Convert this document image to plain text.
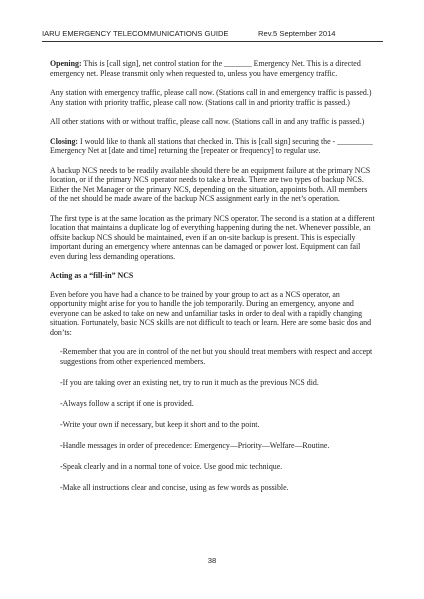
IARU EMERGENCY TELECOMMUNICATIONS GUIDE	Rev.5 September 2014

Opening: This is [call sign], net control station for the _______ Emergency Net. This is a directed emergency net. Please transmit only when requested to, unless you have emergency traffic.

Any station with emergency traffic, please call now. (Stations call in and emergency traffic is passed.) Any station with priority traffic, please call now. (Stations call in and priority traffic is passed.)

All other stations with or without traffic, please call now. (Stations call in and any traffic is passed.)

Closing: I would like to thank all stations that checked in. This is [call sign] securing the - _________ Emergency Net at [date and time] returning the [repeater or frequency] to regular use.

A backup NCS needs to be readily available should there be an equipment failure at the primary NCS location, or if the primary NCS operator needs to take a break. There are two types of backup NCS. Either the Net Manager or the primary NCS, depending on the situation, appoints both. All members of the net should be made aware of the backup NCS assignment early in the net’s operation.

The first type is at the same location as the primary NCS operator. The second is a station at a different location that maintains a duplicate log of everything happening during the net. Whenever possible, an offsite backup NCS should be maintained, even if an on-site backup is present. This is especially important during an emergency where antennas can be damaged or power lost. Equipment can fail even during less demanding operations.

Acting as a “fill-in” NCS

Even before you have had a chance to be trained by your group to act as a NCS operator, an opportunity might arise for you to handle the job temporarily. During an emergency, anyone and everyone can be asked to take on new and unfamiliar tasks in order to deal with a rapidly changing situation. Fortunately, basic NCS skills are not difficult to teach or learn. Here are some basic dos and don’ts:

-Remember that you are in control of the net but you should treat members with respect and accept suggestions from other experienced members.

-If you are taking over an existing net, try to run it much as the previous NCS did.

-Always follow a script if one is provided.

-Write your own if necessary, but keep it short and to the point.

-Handle messages in order of precedence: Emergency—Priority—Welfare—Routine.

-Speak clearly and in a normal tone of voice. Use good mic technique.

-Make all instructions clear and concise, using as few words as possible.

38
